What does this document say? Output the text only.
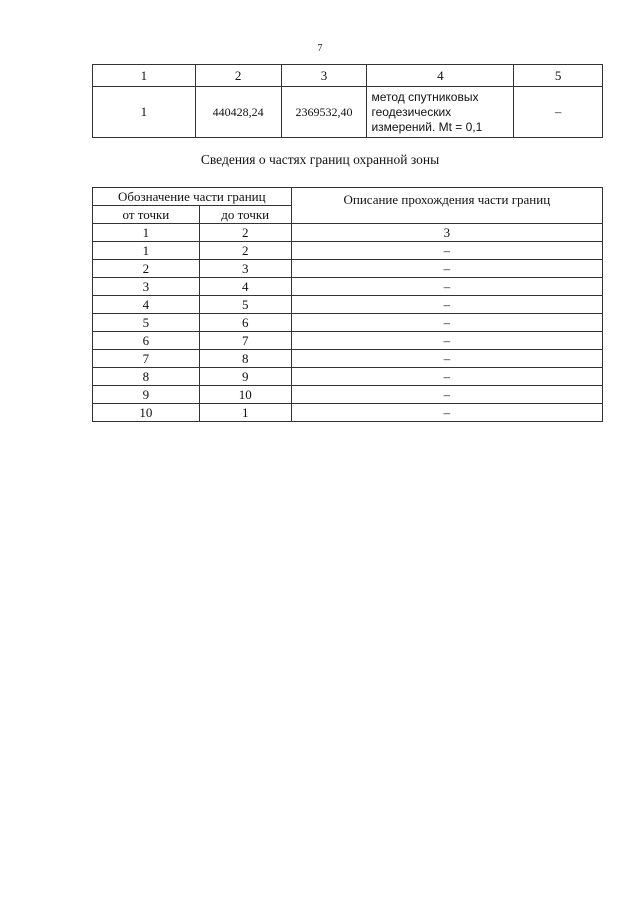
7
1	2	3	4	5
1	440428,24	2369532,40	метод спутниковых
геодезических
измерений. Mt = 0,1	–
Сведения о частях границ охранной зоны
Обозначение части границ		Описание прохождения части границ
от точки	до точки	
1	2	3
1	2	–
2	3	–
3	4	–
4	5	–
5	6	–
6	7	–
7	8	–
8	9	–
9	10	–
10	1	–
